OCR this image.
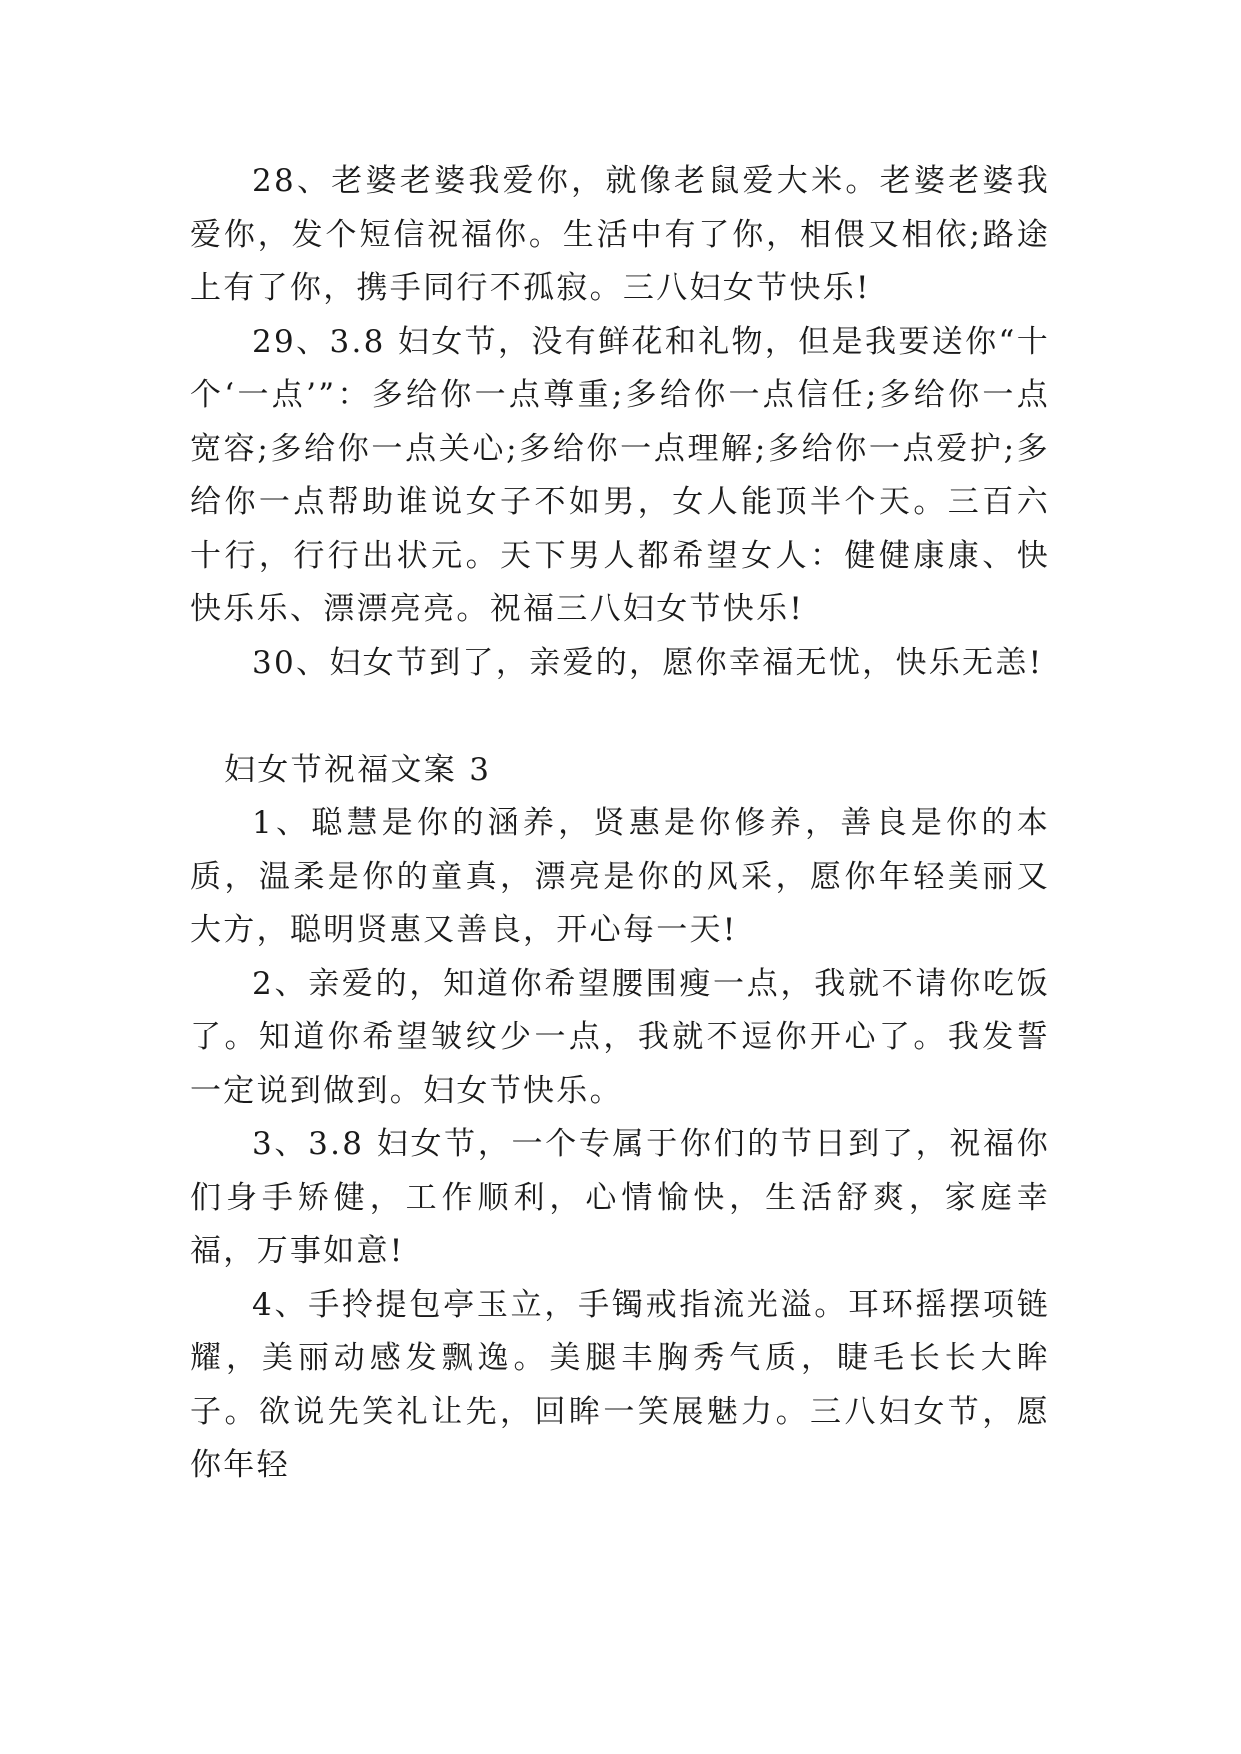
28、老婆老婆我爱你，就像老鼠爱大米。老婆老婆我爱你，发个短信祝福你。生活中有了你，相偎又相依;路途上有了你，携手同行不孤寂。三八妇女节快乐!

29、3.8 妇女节，没有鲜花和礼物，但是我要送你“十个‘一点’”：多给你一点尊重;多给你一点信任;多给你一点宽容;多给你一点关心;多给你一点理解;多给你一点爱护;多给你一点帮助谁说女子不如男，女人能顶半个天。三百六十行，行行出状元。天下男人都希望女人：健健康康、快快乐乐、漂漂亮亮。祝福三八妇女节快乐!

30、妇女节到了，亲爱的，愿你幸福无忧，快乐无恙!

妇女节祝福文案 3

1、聪慧是你的涵养，贤惠是你修养，善良是你的本质，温柔是你的童真，漂亮是你的风采，愿你年轻美丽又大方，聪明贤惠又善良，开心每一天!

2、亲爱的，知道你希望腰围瘦一点，我就不请你吃饭了。知道你希望皱纹少一点，我就不逗你开心了。我发誓一定说到做到。妇女节快乐。

3、3.8 妇女节，一个专属于你们的节日到了，祝福你们身手矫健，工作顺利，心情愉快，生活舒爽，家庭幸福，万事如意!

4、手拎提包亭玉立，手镯戒指流光溢。耳环摇摆项链耀，美丽动感发飘逸。美腿丰胸秀气质，睫毛长长大眸子。欲说先笑礼让先，回眸一笑展魅力。三八妇女节，愿你年轻
